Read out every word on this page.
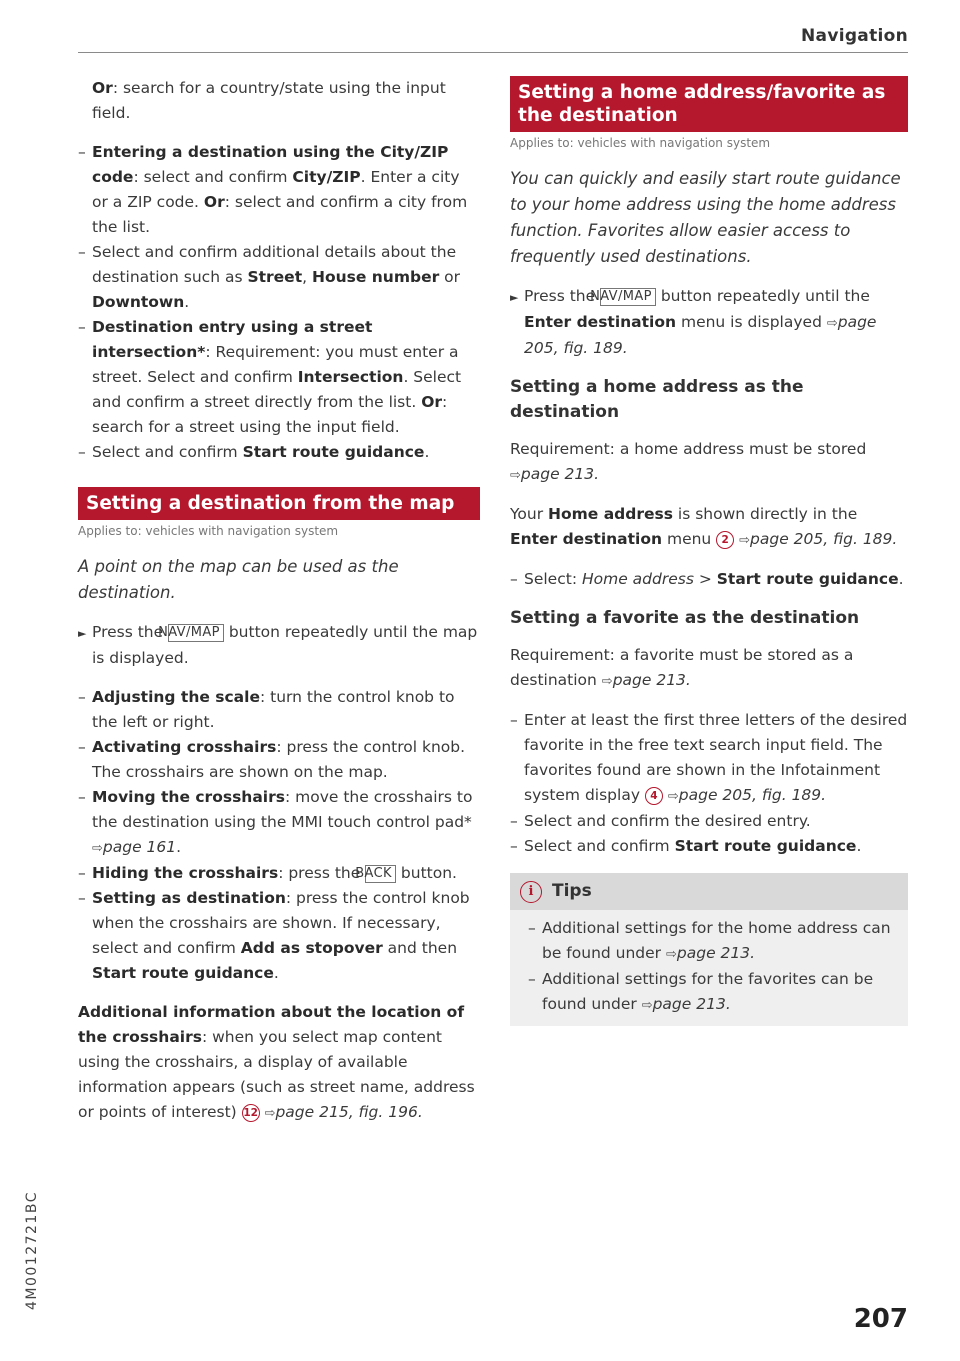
Navigation

Or: search for a country/state using the input field.

– Entering a destination using the City/ZIP code: select and confirm City/ZIP. Enter a city or a ZIP code. Or: select and confirm a city from the list.
– Select and confirm additional details about the destination such as Street, House number or Downtown.
– Destination entry using a street intersection*: Requirement: you must enter a street. Select and confirm Intersection. Select and confirm a street directly from the list. Or: search for a street using the input field.
– Select and confirm Start route guidance.
Setting a destination from the map
Applies to: vehicles with navigation system

A point on the map can be used as the destination.

► Press the NAV/MAP button repeatedly until the map is displayed.

– Adjusting the scale: turn the control knob to the left or right.
– Activating crosshairs: press the control knob. The crosshairs are shown on the map.
– Moving the crosshairs: move the crosshairs to the destination using the MMI touch control pad* ⇨page 161.
– Hiding the crosshairs: press the BACK button.
– Setting as destination: press the control knob when the crosshairs are shown. If necessary, select and confirm Add as stopover and then Start route guidance.

Additional information about the location of the crosshairs: when you select map content using the crosshairs, a display of available information appears (such as street name, address or points of interest) 12 ⇨page 215, fig. 196.

Setting a home address/favorite as the destination
Applies to: vehicles with navigation system

You can quickly and easily start route guidance to your home address using the home address function. Favorites allow easier access to frequently used destinations.

► Press the NAV/MAP button repeatedly until the Enter destination menu is displayed ⇨page 205, fig. 189.

Setting a home address as the destination

Requirement: a home address must be stored ⇨page 213.

Your Home address is shown directly in the Enter destination menu 2 ⇨page 205, fig. 189.

– Select: Home address > Start route guidance.
Setting a favorite as the destination

Requirement: a favorite must be stored as a destination ⇨page 213.

– Enter at least the first three letters of the desired favorite in the free text search input field. The favorites found are shown in the Infotainment system display 4 ⇨page 205, fig. 189.
– Select and confirm the desired entry.
– Select and confirm Start route guidance.
i	Tips
– Additional settings for the home address can be found under ⇨page 213.
– Additional settings for the favorites can be found under ⇨page 213.
4M0012721BC
207
